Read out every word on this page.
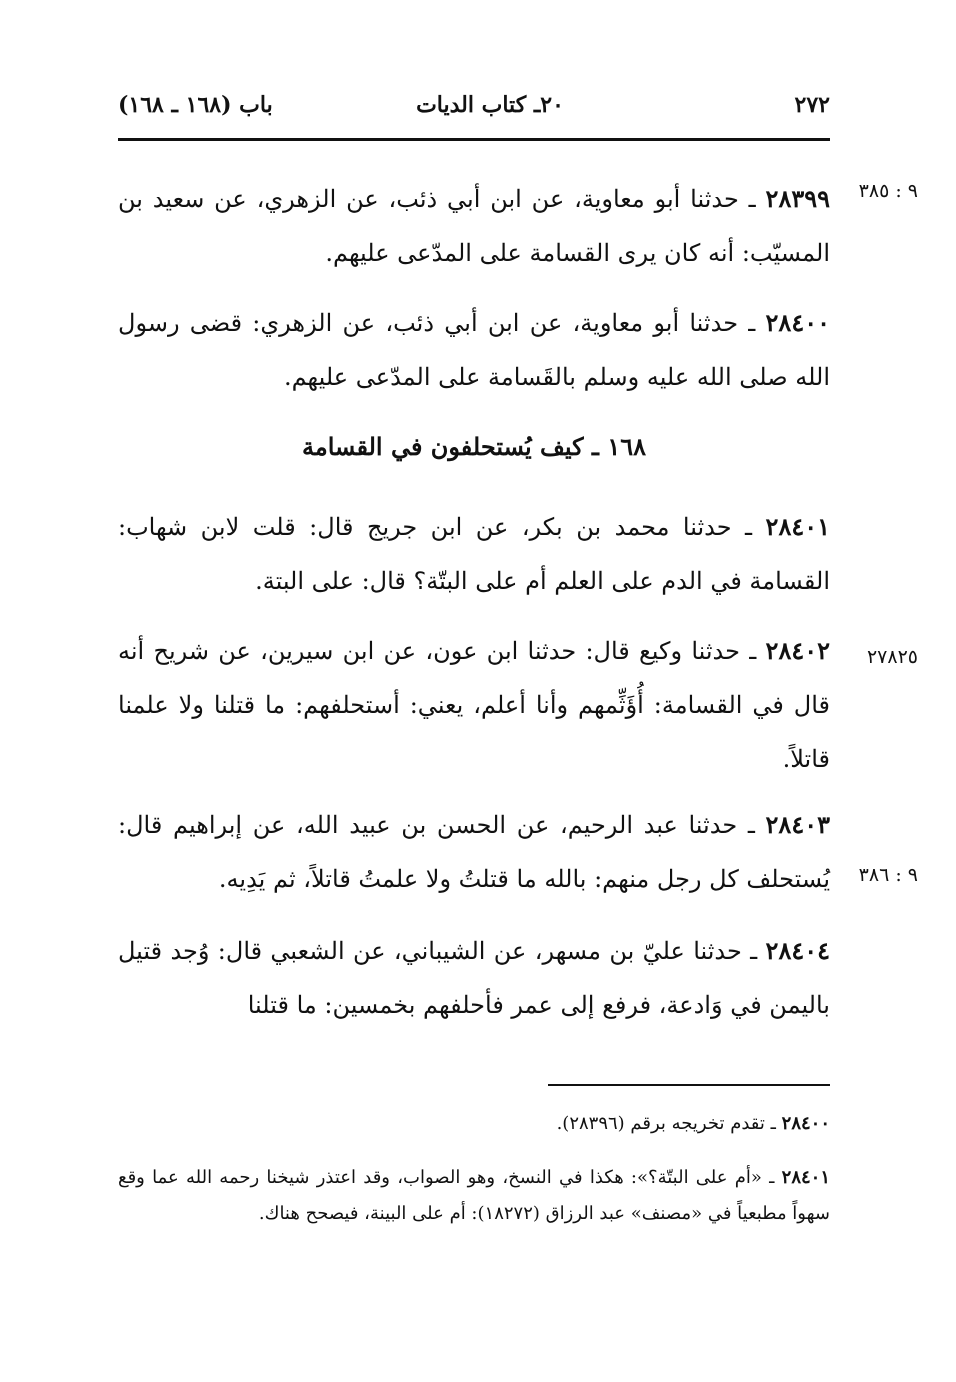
٢٧٢
٢٠ـ كتاب الديات
باب (١٦٨ ـ ١٦٨)
٩ : ٣٨٥
٢٧٨٢٥
٩ : ٣٨٦
٢٨٣٩٩ ـ حدثنا أبو معاوية، عن ابن أبي ذئب، عن الزهري، عن سعيد بن المسيّب: أنه كان يرى القسامة على المدّعى عليهم.
٢٨٤٠٠ ـ حدثنا أبو معاوية، عن ابن أبي ذئب، عن الزهري: قضى رسول الله صلى الله عليه وسلم بالقَسامة على المدّعى عليهم.
١٦٨ ـ كيف يُستحلفون في القسامة
٢٨٤٠١ ـ حدثنا محمد بن بكر، عن ابن جريج قال: قلت لابن شهاب: القسامة في الدم على العلم أم على البتّة؟ قال: على البتة.
٢٨٤٠٢ ـ حدثنا وكيع قال: حدثنا ابن عون، عن ابن سيرين، عن شريح أنه قال في القسامة: أُؤَثِّمهم وأنا أعلم، يعني: أستحلفهم: ما قتلنا ولا علمنا قاتلاً.
٢٨٤٠٣ ـ حدثنا عبد الرحيم، عن الحسن بن عبيد الله، عن إبراهيم قال: يُستحلف كل رجل منهم: بالله ما قتلتُ ولا علمتُ قاتلاً، ثم يَدِيه.
٢٨٤٠٤ ـ حدثنا عليّ بن مسهر، عن الشيباني، عن الشعبي قال: وُجد قتيل باليمن في وَادعة، فرفع إلى عمر فأحلفهم بخمسين: ما قتلنا
٢٨٤٠٠ ـ تقدم تخريجه برقم (٢٨٣٩٦).
٢٨٤٠١ ـ «أم على البتّة؟»: هكذا في النسخ، وهو الصواب، وقد اعتذر شيخنا رحمه الله عما وقع سهواً مطبعياً في «مصنف» عبد الرزاق (١٨٢٧٢): أم على البينة، فيصحح هناك.
